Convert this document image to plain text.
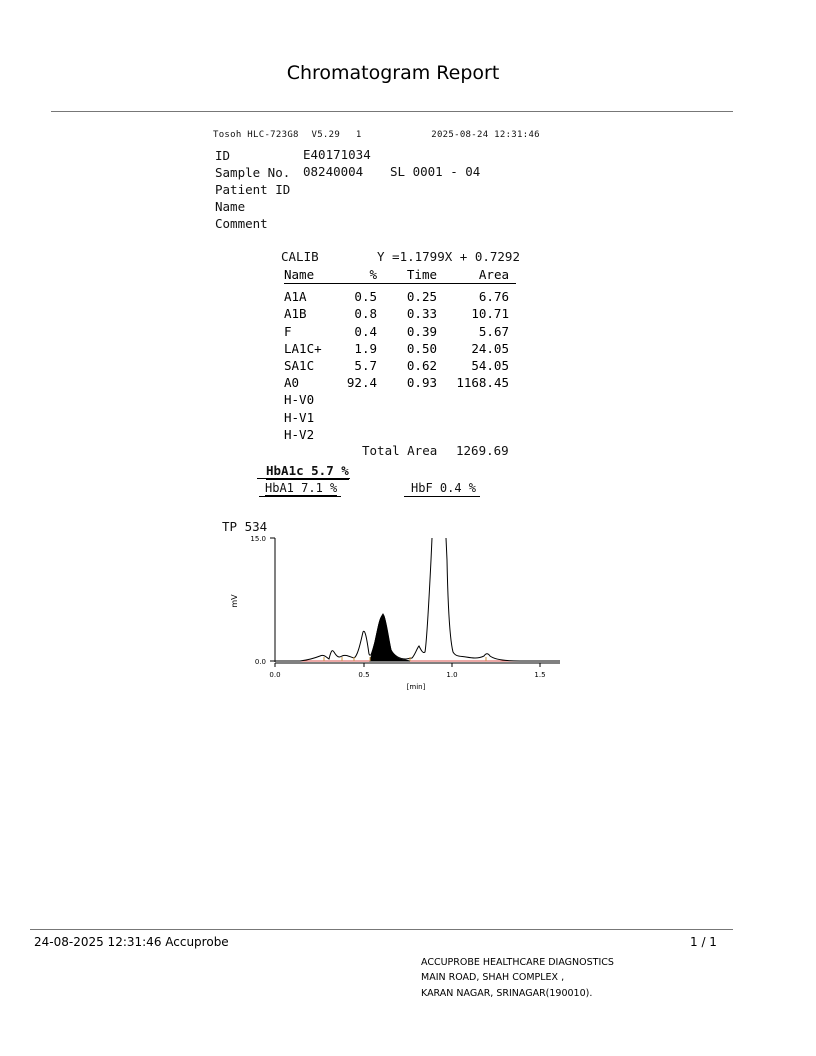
Chromatogram Report
Tosoh HLC-723G8 V5.29 1	2025-08-24 12:31:46
ID	E40171034
Sample No. 08240004 SL 0001 - 04
Patient ID
Name
Comment
CALIB	Y =1.1799X + 0.7292
Name	%	Time	Area
A1A	0.5	0.25	6.76
A1B	0.8	0.33	10.71
F	0.4	0.39	5.67
LA1C+	1.9	0.50	24.05
SA1C	5.7	0.62	54.05
A0	92.4	0.93	1168.45
H-V0			
H-V1			
H-V2			
Total Area 1269.69
HbA1c 5.7 %
HbA1 7.1 %	HbF 0.4 %
TP 534
15.0
0.0
mV
0.0	0.5	1.0	1.5
[min]
24-08-2025 12:31:46 Accuprobe	1 / 1
ACCUPROBE HEALTHCARE DIAGNOSTICS
MAIN ROAD, SHAH COMPLEX ,
KARAN NAGAR, SRINAGAR(190010).
